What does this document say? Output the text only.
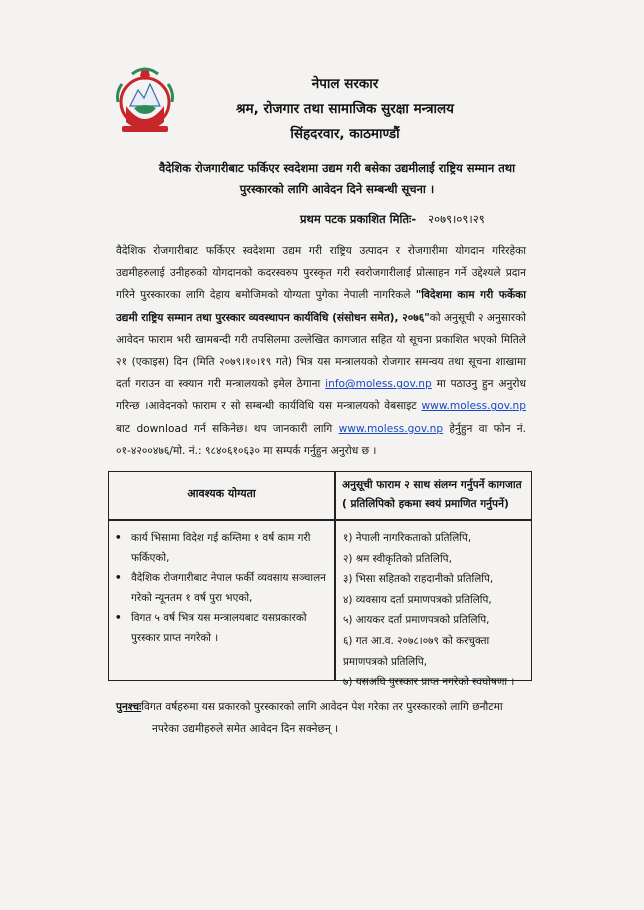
नेपाल सरकार
श्रम, रोजगार तथा सामाजिक सुरक्षा मन्त्रालय
सिंहदरवार, काठमाण्डौं
वैदेशिक रोजगारीबाट फर्किएर स्वदेशमा उद्यम गरी बसेका उद्यमीलाई राष्ट्रिय सम्मान तथा
पुरस्कारको लागि आवेदन दिने सम्बन्धी सूचना ।
प्रथम पटक प्रकाशित मितिः- २०७९।०९।२९
वैदेशिक रोजगारीबाट फर्किएर स्वदेशमा उद्यम गरी राष्ट्रिय उत्पादन र रोजगारीमा योगदान गरिरहेका उद्यमीहरुलाई उनीहरुको योगदानको कदरस्वरुप पुरस्कृत गरी स्वरोजगारीलाई प्रोत्साहन गर्ने उद्देश्यले प्रदान गरिने पुरस्कारका लागि देहाय बमोजिमको योग्यता पुगेका नेपाली नागरिकले "विदेशमा काम गरी फर्केका उद्यमी राष्ट्रिय सम्मान तथा पुरस्कार व्यवस्थापन कार्यविधि (संसोधन समेत), २०७६"को अनुसूची २ अनुसारको आवेदन फाराम भरी खामबन्दी गरी तपसिलमा उल्लेखित कागजात सहित यो सूचना प्रकाशित भएको मितिले २१ (एकाइस) दिन (मिति २०७९।१०।१९ गते) भित्र यस मन्त्रालयको रोजगार समन्वय तथा सूचना शाखामा दर्ता गराउन वा स्क्यान गरी मन्त्रालयको इमेल ठेगाना info@moless.gov.np मा पठाउनु हुन अनुरोध गरिन्छ ।आवेदनको फाराम र सो सम्बन्धी कार्यविधि यस मन्त्रालयको वेबसाइट www.moless.gov.np बाट download गर्न सकिनेछ। थप जानकारी लागि www.moless.gov.np हेर्नुहुन वा फोन नं. ०१-४२००४७६/मो. नं.: ९८४०६१०६३० मा सम्पर्क गर्नुहुन अनुरोध छ ।
आवश्यक योग्यता
अनुसूची फाराम २ साथ संलग्न गर्नुपर्ने कागजात
( प्रतिलिपिको हकमा स्वयं प्रमाणित गर्नुपर्ने)
• कार्य भिसामा विदेश गई कम्तिमा १ वर्ष काम गरी फर्किएको,
• वैदेशिक रोजगारीबाट नेपाल फर्की व्यवसाय सञ्चालन गरेको न्यूनतम १ वर्ष पुरा भएको,
• विगत ५ वर्ष भित्र यस मन्त्रालयबाट यसप्रकारको पुरस्कार प्राप्त नगरेको ।
१) नेपाली नागरिकताको प्रतिलिपि,
२) श्रम स्वीकृतिको प्रतिलिपि,
३) भिसा सहितको राहदानीको प्रतिलिपि,
४) व्यवसाय दर्ता प्रमाणपत्रको प्रतिलिपि,
५) आयकर दर्ता प्रमाणपत्रको प्रतिलिपि,
६) गत आ.व. २०७८।०७९ को करचुक्ता प्रमाणपत्रको प्रतिलिपि,
७) यसअघि पुरस्कार प्राप्त नगरेको स्वघोषणा ।
पुनश्चःविगत वर्षहरुमा यस प्रकारको पुरस्कारको लागि आवेदन पेश गरेका तर पुरस्कारको लागि छनौटमा
नपरेका उद्यमीहरुले समेत आवेदन दिन सक्नेछन् ।
